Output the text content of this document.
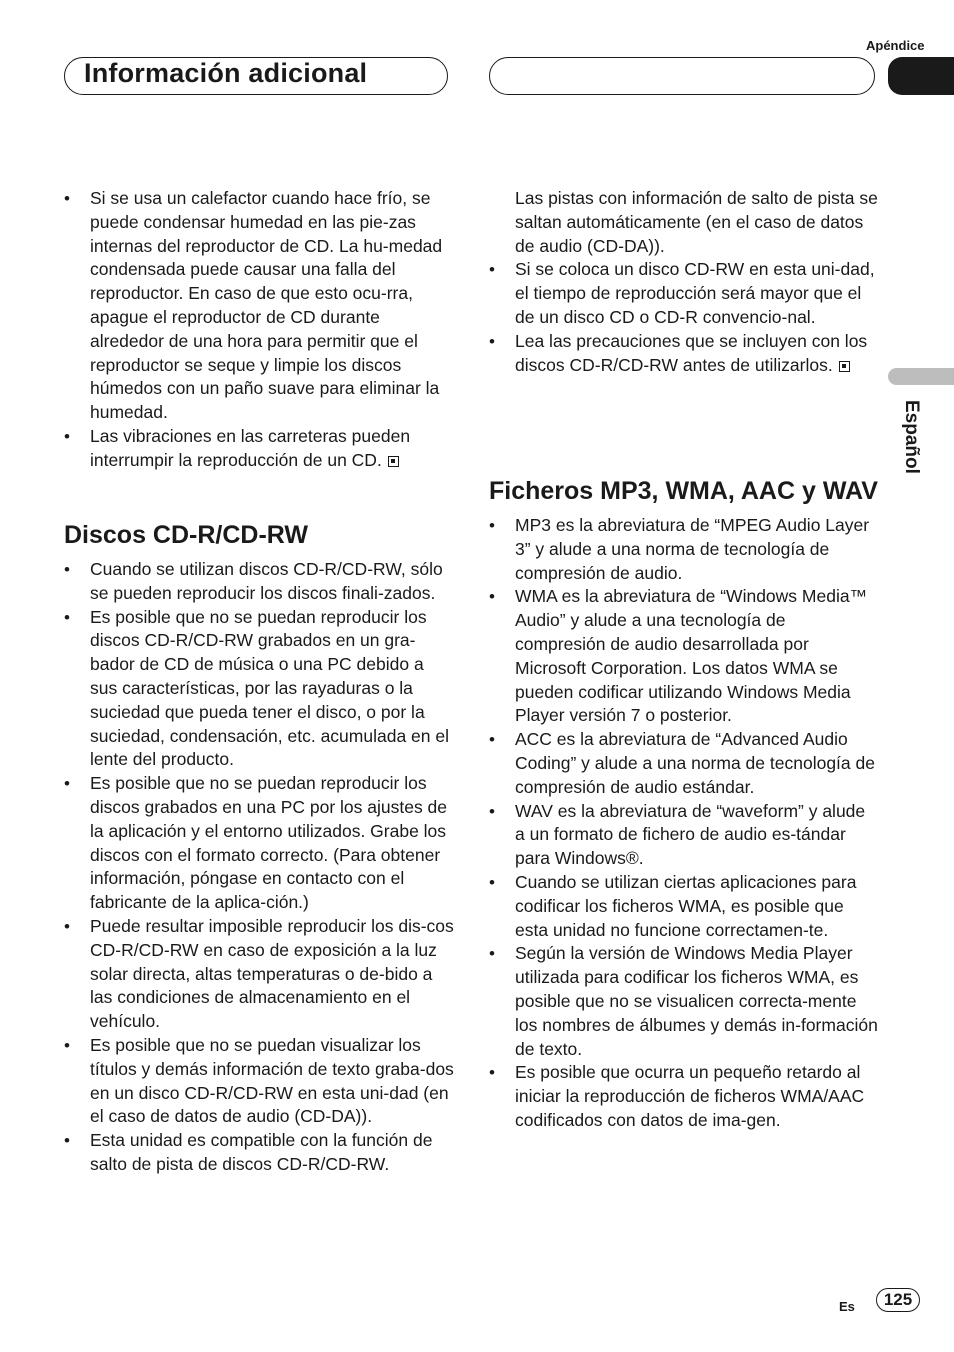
Apéndice
Información adicional
Español
• Si se usa un calefactor cuando hace frío, se puede condensar humedad en las pie-zas internas del reproductor de CD. La hu-medad condensada puede causar una falla del reproductor. En caso de que esto ocu-rra, apague el reproductor de CD durante alrededor de una hora para permitir que el reproductor se seque y limpie los discos húmedos con un paño suave para eliminar la humedad.
• Las vibraciones en las carreteras pueden interrumpir la reproducción de un CD.
Discos CD-R/CD-RW
• Cuando se utilizan discos CD-R/CD-RW, sólo se pueden reproducir los discos finali-zados.
• Es posible que no se puedan reproducir los discos CD-R/CD-RW grabados en un gra-bador de CD de música o una PC debido a sus características, por las rayaduras o la suciedad que pueda tener el disco, o por la suciedad, condensación, etc. acumulada en el lente del producto.
• Es posible que no se puedan reproducir los discos grabados en una PC por los ajustes de la aplicación y el entorno utilizados. Grabe los discos con el formato correcto. (Para obtener información, póngase en contacto con el fabricante de la aplica-ción.)
• Puede resultar imposible reproducir los dis-cos CD-R/CD-RW en caso de exposición a la luz solar directa, altas temperaturas o de-bido a las condiciones de almacenamiento en el vehículo.
• Es posible que no se puedan visualizar los títulos y demás información de texto graba-dos en un disco CD-R/CD-RW en esta uni-dad (en el caso de datos de audio (CD-DA)).
• Esta unidad es compatible con la función de salto de pista de discos CD-R/CD-RW.

Las pistas con información de salto de pista se saltan automáticamente (en el caso de datos de audio (CD-DA)).

• Si se coloca un disco CD-RW en esta uni-dad, el tiempo de reproducción será mayor que el de un disco CD o CD-R convencio-nal.
• Lea las precauciones que se incluyen con los discos CD-R/CD-RW antes de utilizarlos.
Ficheros MP3, WMA, AAC y WAV
• MP3 es la abreviatura de “MPEG Audio Layer 3” y alude a una norma de tecnología de compresión de audio.
• WMA es la abreviatura de “Windows Media™ Audio” y alude a una tecnología de compresión de audio desarrollada por Microsoft Corporation. Los datos WMA se pueden codificar utilizando Windows Media Player versión 7 o posterior.
• ACC es la abreviatura de “Advanced Audio Coding” y alude a una norma de tecnología de compresión de audio estándar.
• WAV es la abreviatura de “waveform” y alude a un formato de fichero de audio es-tándar para Windows®.
• Cuando se utilizan ciertas aplicaciones para codificar los ficheros WMA, es posible que esta unidad no funcione correctamen-te.
• Según la versión de Windows Media Player utilizada para codificar los ficheros WMA, es posible que no se visualicen correcta-mente los nombres de álbumes y demás in-formación de texto.
• Es posible que ocurra un pequeño retardo al iniciar la reproducción de ficheros WMA/AAC codificados con datos de ima-gen.
Es	125
